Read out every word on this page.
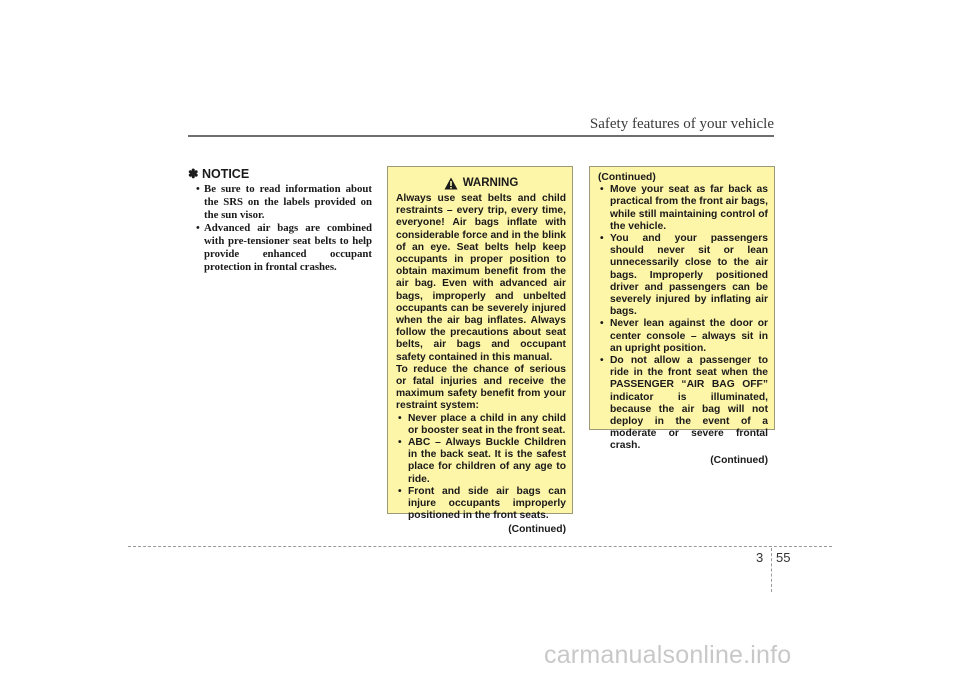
Safety features of your vehicle
✽ NOTICE
• Be sure to read information about the SRS on the labels provided on the sun visor.
• Advanced air bags are combined with pre-tensioner seat belts to help provide enhanced occupant protection in frontal crashes.
WARNING
Always use seat belts and child restraints – every trip, every time, everyone! Air bags inflate with considerable force and in the blink of an eye. Seat belts help keep occupants in proper position to obtain maximum benefit from the air bag. Even with advanced air bags, improperly and unbelted occupants can be severely injured when the air bag inflates. Always follow the precautions about seat belts, air bags and occupant safety contained in this manual.
To reduce the chance of serious or fatal injuries and receive the maximum safety benefit from your restraint system:
• Never place a child in any child or booster seat in the front seat.
• ABC – Always Buckle Children in the back seat. It is the safest place for children of any age to ride.
• Front and side air bags can injure occupants improperly positioned in the front seats.
(Continued)
(Continued)
• Move your seat as far back as practical from the front air bags, while still maintaining control of the vehicle.
• You and your passengers should never sit or lean unnecessarily close to the air bags. Improperly positioned driver and passengers can be severely injured by inflating air bags.
• Never lean against the door or center console – always sit in an upright position.
• Do not allow a passenger to ride in the front seat when the PASSENGER “AIR BAG OFF” indicator is illuminated, because the air bag will not deploy in the event of a moderate or severe frontal crash.
(Continued)
3 55
carmanualsonline.info
